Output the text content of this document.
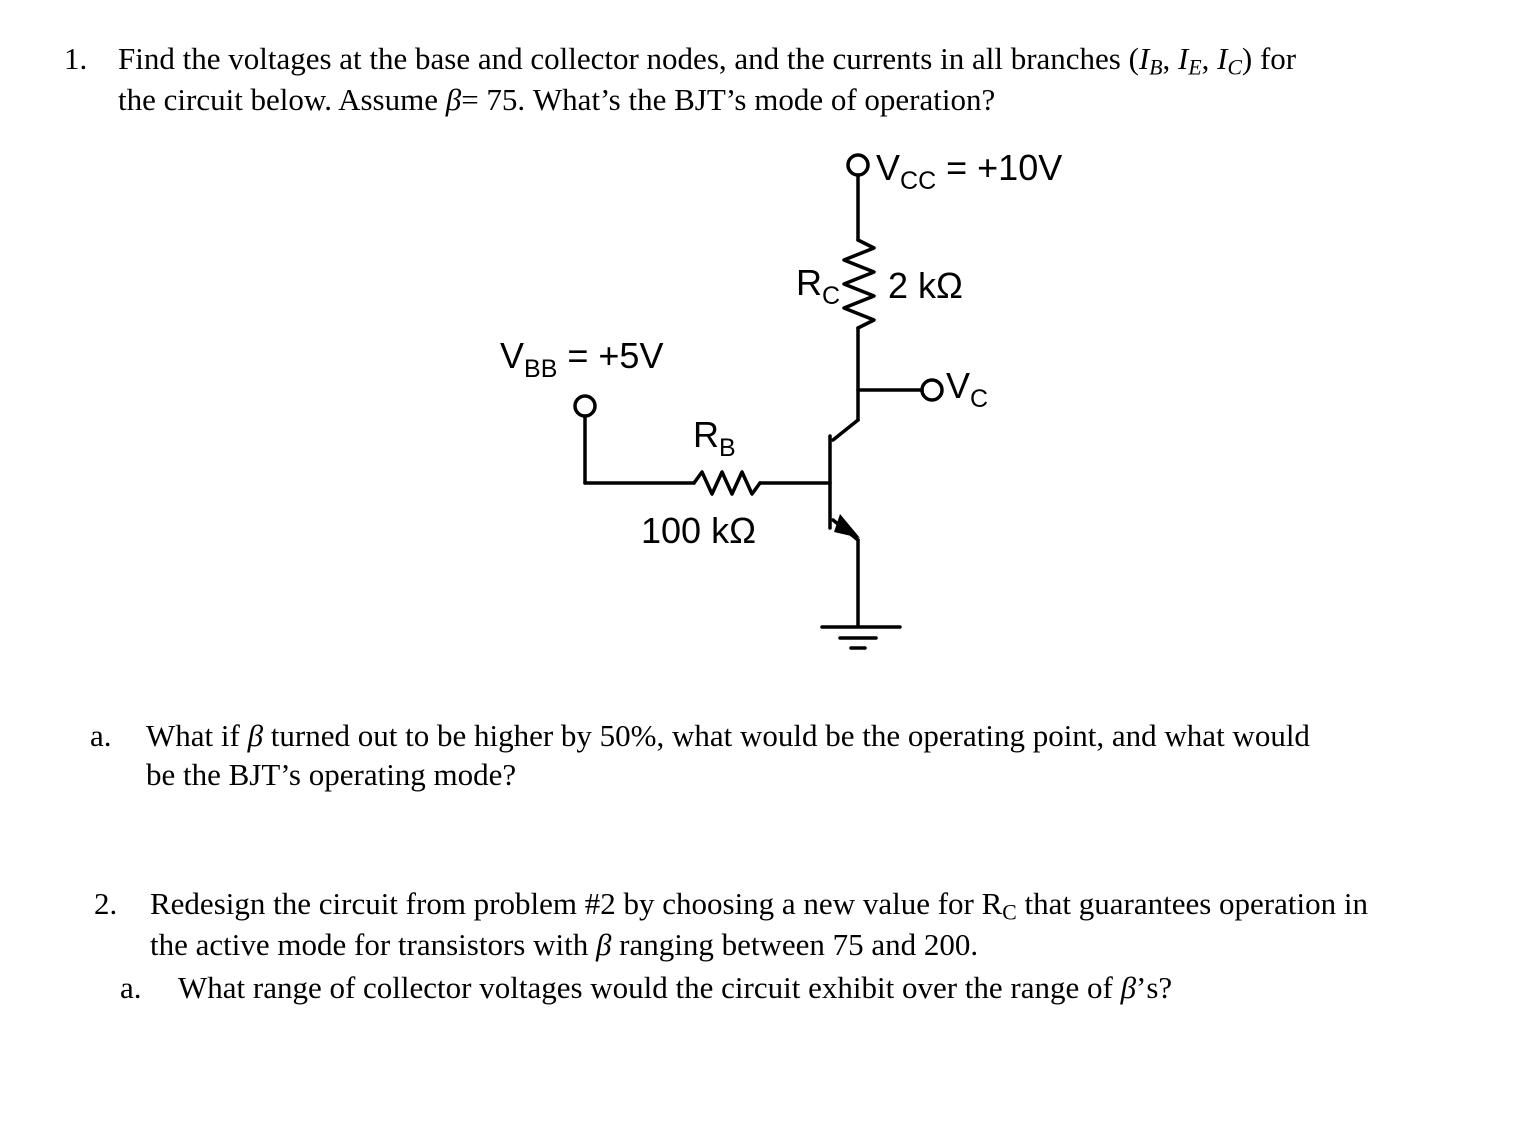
1. Find the voltages at the base and collector nodes, and the currents in all branches ($I_B$, $I_E$, $I_C$) for
the circuit below. Assume β= 75. What’s the BJT’s mode of operation?
$V_{CC} = +10V$
$R_C$ 2 kΩ
$V_{BB} = +5V$
$V_C$
$R_B$
100 kΩ
a. What if β turned out to be higher by 50%, what would be the operating point, and what would
be the BJT’s operating mode?
2. Redesign the circuit from problem #2 by choosing a new value for $R_C$ that guarantees operation in
the active mode for transistors with β ranging between 75 and 200.
a. What range of collector voltages would the circuit exhibit over the range of β’s?
